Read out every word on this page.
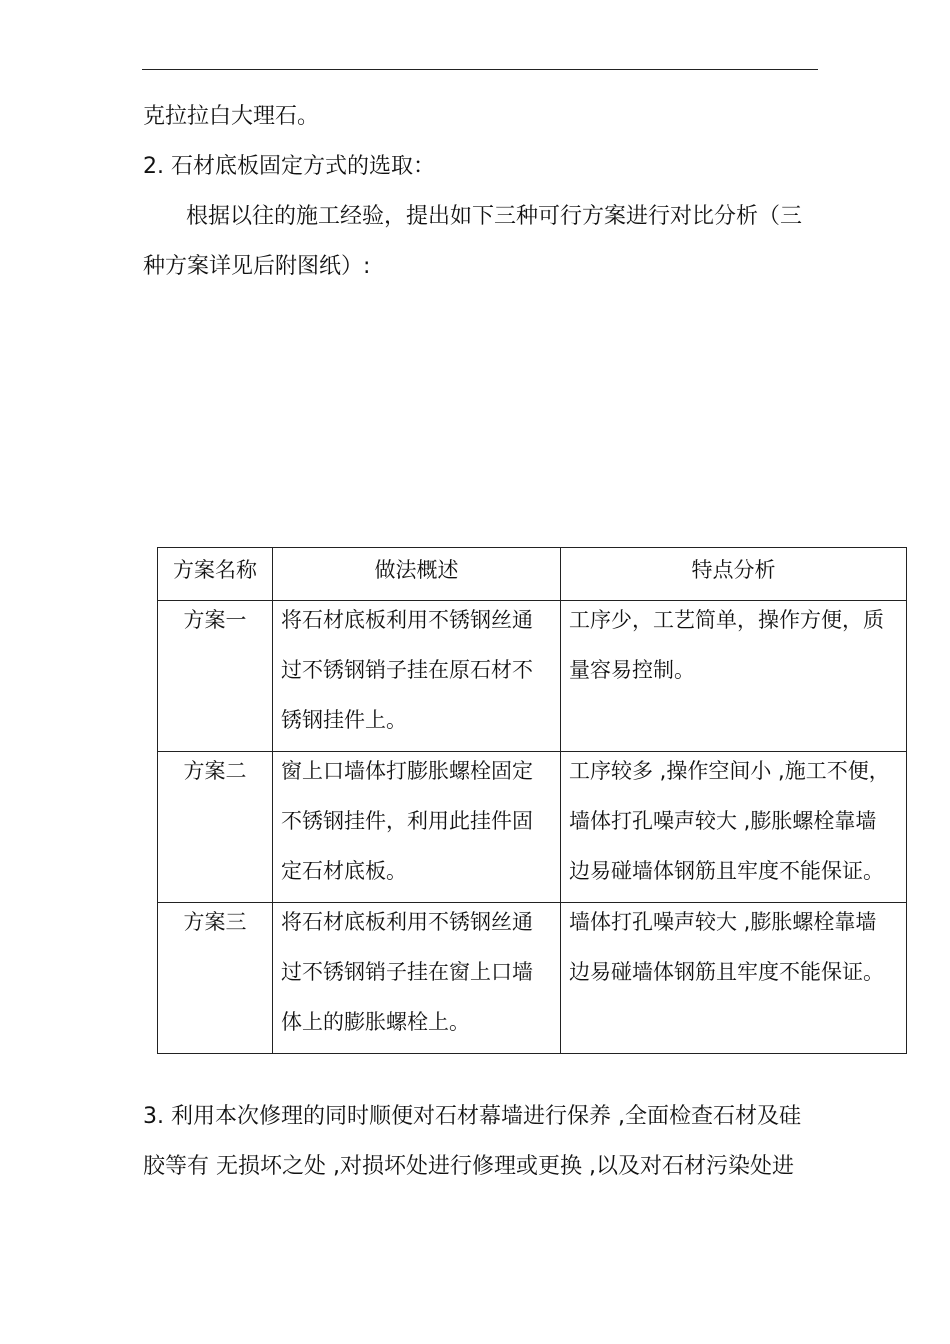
克拉拉白大理石。
2. 石材底板固定方式的选取：
根据以往的施工经验，提出如下三种可行方案进行对比分析（三
种方案详见后附图纸）:
方案名称	做法概述	特点分析

方案一	将石材底板利用不锈钢丝通
过不锈钢销子挂在原石材不
锈钢挂件上。	工序少，工艺简单，操作方便，质
量容易控制。

方案二	窗上口墙体打膨胀螺栓固定
不锈钢挂件，利用此挂件固
定石材底板。	工序较多 ,操作空间小 ,施工不便，
墙体打孔噪声较大 ,膨胀螺栓靠墙
边易碰墙体钢筋且牢度不能保证。

方案三	将石材底板利用不锈钢丝通
过不锈钢销子挂在窗上口墙
体上的膨胀螺栓上。	墙体打孔噪声较大 ,膨胀螺栓靠墙
边易碰墙体钢筋且牢度不能保证。
3. 利用本次修理的同时顺便对石材幕墙进行保养 ,全面检查石材及硅
胶等有 无损坏之处 ,对损坏处进行修理或更换 ,以及对石材污染处进
